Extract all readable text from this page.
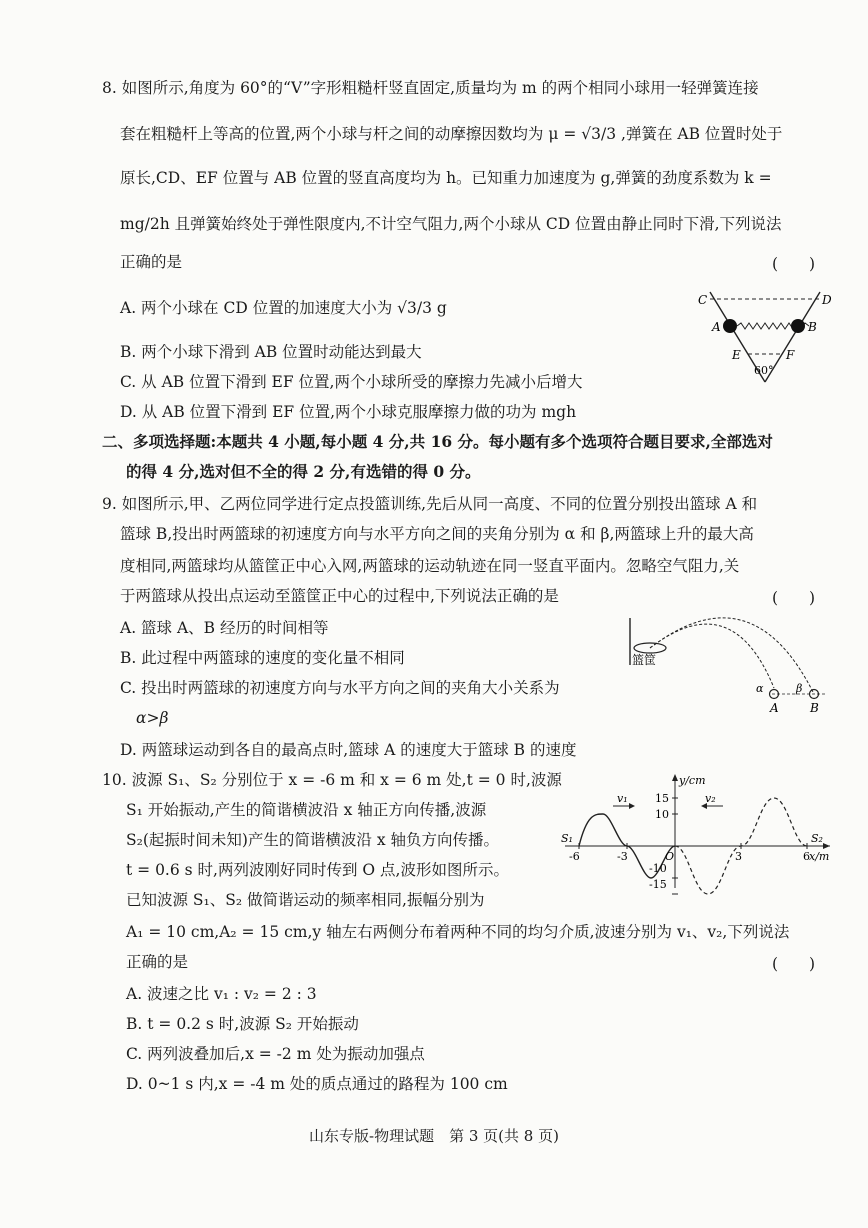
8. 如图所示,角度为 60°的“V”字形粗糙杆竖直固定,质量均为 m 的两个相同小球用一轻弹簧连接
套在粗糙杆上等高的位置,两个小球与杆之间的动摩擦因数均为 μ = √3/3 ,弹簧在 AB 位置时处于
原长,CD、EF 位置与 AB 位置的竖直高度均为 h。已知重力加速度为 g,弹簧的劲度系数为 k =
mg/2h 且弹簧始终处于弹性限度内,不计空气阻力,两个小球从 CD 位置由静止同时下滑,下列说法
正确的是	(　　)
A. 两个小球在 CD 位置的加速度大小为 √3/3 g
B. 两个小球下滑到 AB 位置时动能达到最大
C. 从 AB 位置下滑到 EF 位置,两个小球所受的摩擦力先减小后增大
D. 从 AB 位置下滑到 EF 位置,两个小球克服摩擦力做的功为 mgh
C	D
A	B
E	F
60°
二、多项选择题:本题共 4 小题,每小题 4 分,共 16 分。每小题有多个选项符合题目要求,全部选对
的得 4 分,选对但不全的得 2 分,有选错的得 0 分。
9. 如图所示,甲、乙两位同学进行定点投篮训练,先后从同一高度、不同的位置分别投出篮球 A 和
篮球 B,投出时两篮球的初速度方向与水平方向之间的夹角分别为 α 和 β,两篮球上升的最大高
度相同,两篮球均从篮筐正中心入网,两篮球的运动轨迹在同一竖直平面内。忽略空气阻力,关
于两篮球从投出点运动至篮筐正中心的过程中,下列说法正确的是	(　　)
A. 篮球 A、B 经历的时间相等
B. 此过程中两篮球的速度的变化量不相同
C. 投出时两篮球的初速度方向与水平方向之间的夹角大小关系为
α>β
D. 两篮球运动到各自的最高点时,篮球 A 的速度大于篮球 B 的速度
篮筐
α	β
A	B
10. 波源 S₁、S₂ 分别位于 x = -6 m 和 x = 6 m 处,t = 0 时,波源
S₁ 开始振动,产生的简谐横波沿 x 轴正方向传播,波源
S₂(起振时间未知)产生的简谐横波沿 x 轴负方向传播。
t = 0.6 s 时,两列波刚好同时传到 O 点,波形如图所示。
已知波源 S₁、S₂ 做简谐运动的频率相同,振幅分别为
A₁ = 10 cm,A₂ = 15 cm,y 轴左右两侧分布着两种不同的均匀介质,波速分别为 v₁、v₂,下列说法
正确的是	(　　)
A. 波速之比 v₁ : v₂ = 2 : 3
B. t = 0.2 s 时,波源 S₂ 开始振动
C. 两列波叠加后,x = -2 m 处为振动加强点
D. 0~1 s 内,x = -4 m 处的质点通过的路程为 100 cm
y/cm
x/m
15
10
-10
-15
-6	-3	O	3	6
v₁	v₂
S₁	S₂
山东专版-物理试题　第 3 页(共 8 页)
